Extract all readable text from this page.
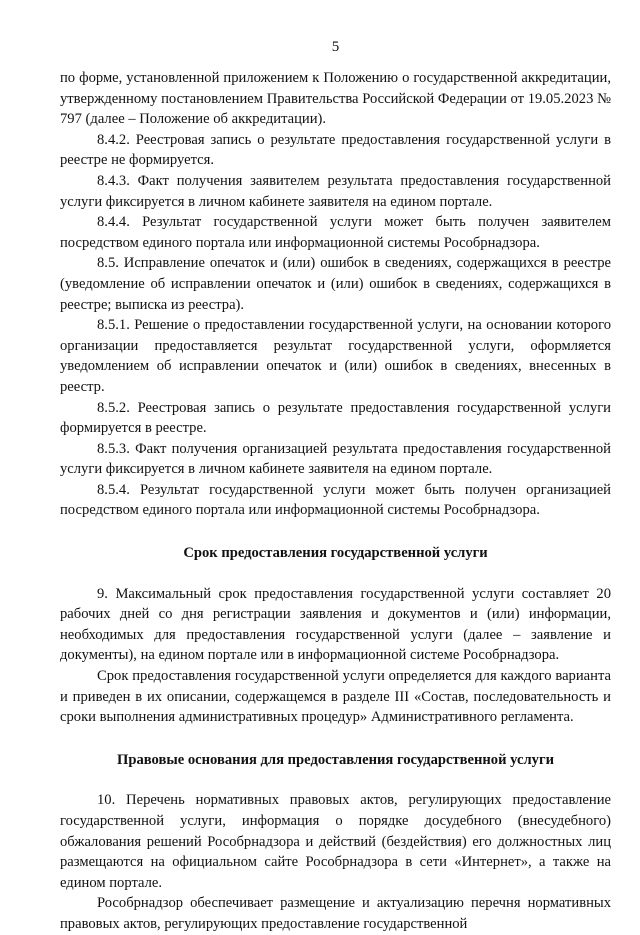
5

по форме, установленной приложением к Положению о государственной аккредитации, утвержденному постановлением Правительства Российской Федерации от 19.05.2023 № 797 (далее – Положение об аккредитации).

8.4.2. Реестровая запись о результате предоставления государственной услуги в реестре не формируется.

8.4.3. Факт получения заявителем результата предоставления государственной услуги фиксируется в личном кабинете заявителя на едином портале.

8.4.4. Результат государственной услуги может быть получен заявителем посредством единого портала или информационной системы Рособрнадзора.

8.5. Исправление опечаток и (или) ошибок в сведениях, содержащихся в реестре (уведомление об исправлении опечаток и (или) ошибок в сведениях, содержащихся в реестре; выписка из реестра).

8.5.1. Решение о предоставлении государственной услуги, на основании которого организации предоставляется результат государственной услуги, оформляется уведомлением об исправлении опечаток и (или) ошибок в сведениях, внесенных в реестр.

8.5.2. Реестровая запись о результате предоставления государственной услуги формируется в реестре.

8.5.3. Факт получения организацией результата предоставления государственной услуги фиксируется в личном кабинете заявителя на едином портале.

8.5.4. Результат государственной услуги может быть получен организацией посредством единого портала или информационной системы Рособрнадзора.

Срок предоставления государственной услуги

9. Максимальный срок предоставления государственной услуги составляет 20 рабочих дней со дня регистрации заявления и документов и (или) информации, необходимых для предоставления государственной услуги (далее – заявление и документы), на едином портале или в информационной системе Рособрнадзора.

Срок предоставления государственной услуги определяется для каждого варианта и приведен в их описании, содержащемся в разделе III «Состав, последовательность и сроки выполнения административных процедур» Административного регламента.

Правовые основания для предоставления государственной услуги

10. Перечень нормативных правовых актов, регулирующих предоставление государственной услуги, информация о порядке досудебного (внесудебного) обжалования решений Рособрнадзора и действий (бездействия) его должностных лиц размещаются на официальном сайте Рособрнадзора в сети «Интернет», а также на едином портале.

Рособрнадзор обеспечивает размещение и актуализацию перечня нормативных правовых актов, регулирующих предоставление государственной
